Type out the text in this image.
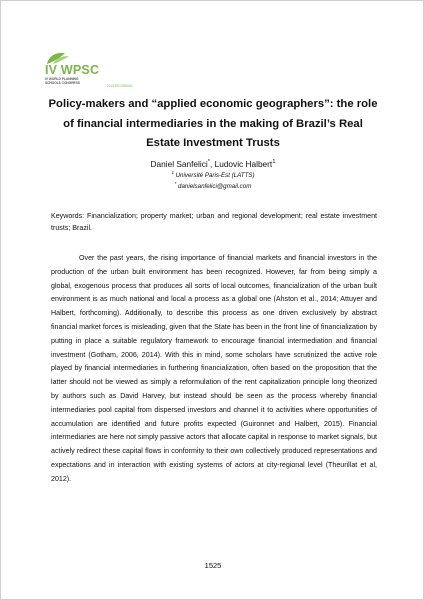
IV WPSC
IV WORLD PLANNING
SCHOOLS CONGRESS
2016 RIO BRASIL
Policy-makers and “applied economic geographers”: the role of financial intermediaries in the making of Brazil’s Real Estate Investment Trusts
Daniel Sanfelici*, Ludovic Halbert$^1$
$^1$ Université Paris-Est (LATTS)
* danielsanfelici@gmail.com
Keywords: Financialization; property market; urban and regional development; real estate investment trusts; Brazil.
Over the past years, the rising importance of financial markets and financial investors in the production of the urban built environment has been recognized. However, far from being simply a global, exogenous process that produces all sorts of local outcomes, financialization of the urban built environment is as much national and local a process as a global one (Ahston et al., 2014; Attuyer and Halbert, forthcoming). Additionally, to describe this process as one driven exclusively by abstract financial market forces is misleading, given that the State has been in the front line of financialization by putting in place a suitable regulatory framework to encourage financial intermediation and financial investment (Gotham, 2006, 2014). With this in mind, some scholars have scrutinized the active role played by financial intermediaries in furthering financialization, often based on the proposition that the latter should not be viewed as simply a reformulation of the rent capitalization principle long theorized by authors such as David Harvey, but instead should be seen as the process whereby financial intermediaries pool capital from dispersed investors and channel it to activities where opportunities of accumulation are identified and future profits expected (Guironnet and Halbert, 2015). Financial intermediaries are here not simply passive actors that allocate capital in response to market signals, but actively redirect these capital flows in conformity to their own collectively produced representations and expectations and in interaction with existing systems of actors at city-regional level (Theurillat et al, 2012).
1525
